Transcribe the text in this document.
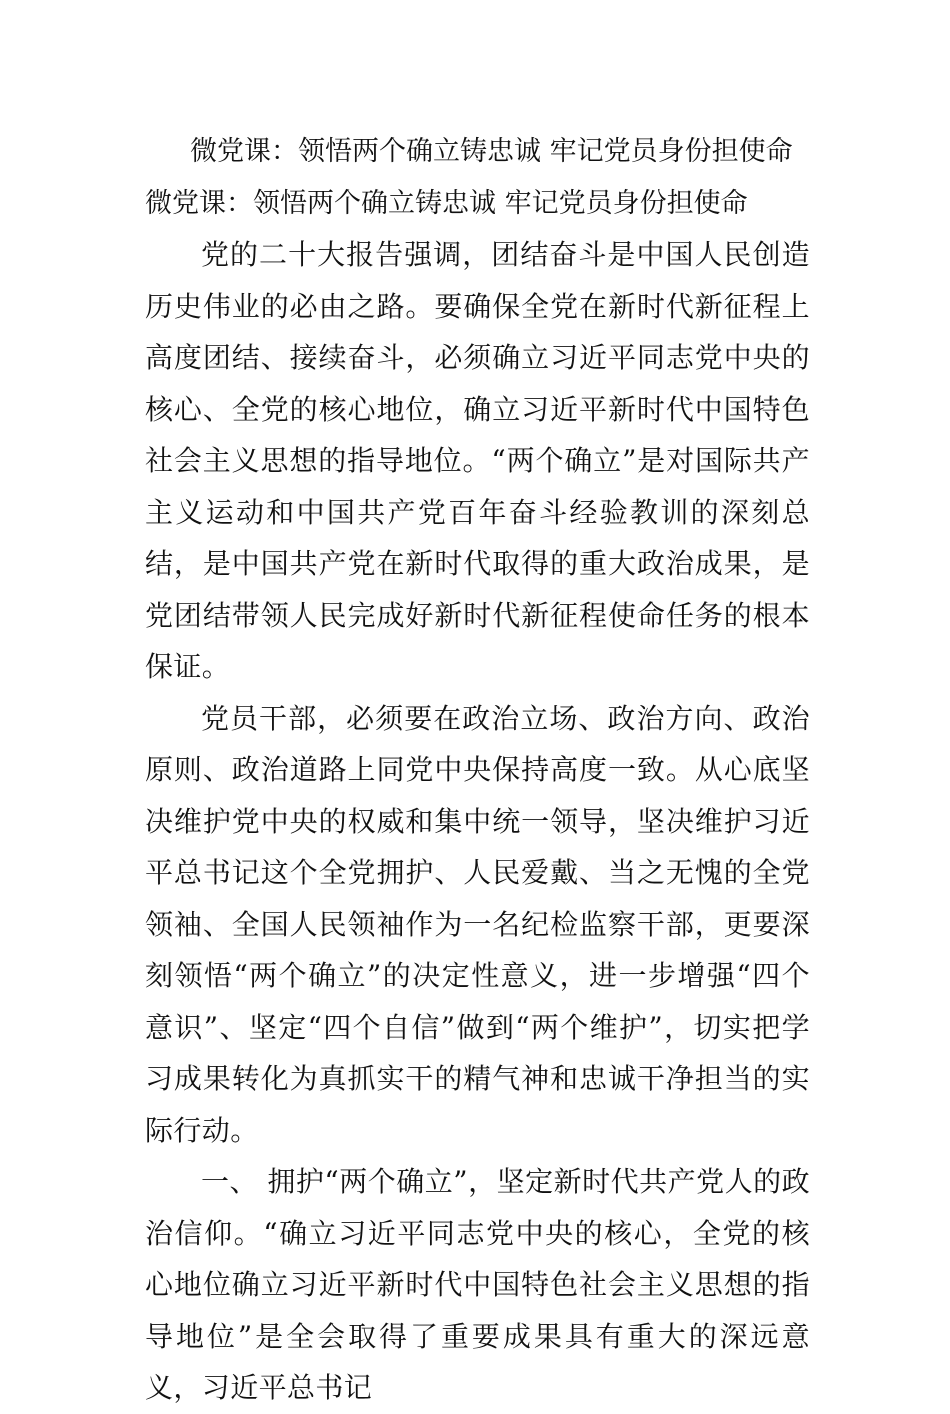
微党课：领悟两个确立铸忠诚 牢记党员身份担使命

微党课：领悟两个确立铸忠诚 牢记党员身份担使命

党的二十大报告强调，团结奋斗是中国人民创造历史伟业的必由之路。要确保全党在新时代新征程上高度团结、接续奋斗，必须确立习近平同志党中央的核心、全党的核心地位，确立习近平新时代中国特色社会主义思想的指导地位。“两个确立”是对国际共产主义运动和中国共产党百年奋斗经验教训的深刻总结，是中国共产党在新时代取得的重大政治成果，是党团结带领人民完成好新时代新征程使命任务的根本保证。

党员干部，必须要在政治立场、政治方向、政治原则、政治道路上同党中央保持高度一致。从心底坚决维护党中央的权威和集中统一领导，坚决维护习近平总书记这个全党拥护、人民爱戴、当之无愧的全党领袖、全国人民领袖作为一名纪检监察干部，更要深刻领悟“两个确立”的决定性意义，进一步增强“四个意识”、坚定“四个自信”做到“两个维护”，切实把学习成果转化为真抓实干的精气神和忠诚干净担当的实际行动。

一、 拥护“两个确立”，坚定新时代共产党人的政治信仰。“确立习近平同志党中央的核心，全党的核心地位确立习近平新时代中国特色社会主义思想的指导地位”是全会取得了重要成果具有重大的深远意义，习近平总书记
